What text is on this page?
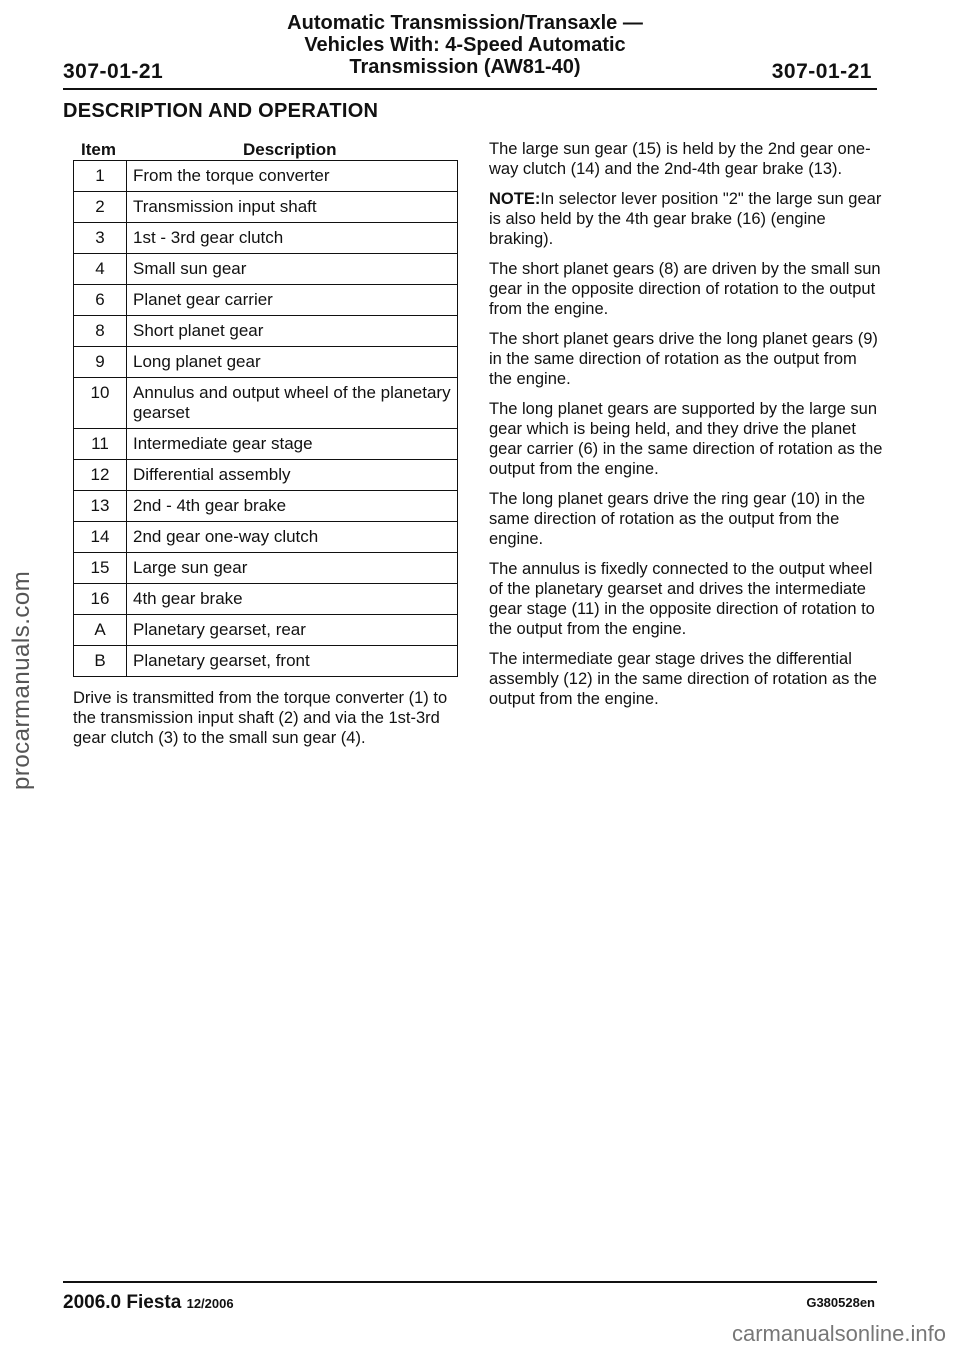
307-01-21
Automatic Transmission/Transaxle —
Vehicles With: 4-Speed Automatic
Transmission (AW81-40)	307-01-21
DESCRIPTION AND OPERATION
Item	Description
1	From the torque converter
2	Transmission input shaft
3	1st - 3rd gear clutch
4	Small sun gear
6	Planet gear carrier
8	Short planet gear
9	Long planet gear
10	Annulus and output wheel of the planetary gearset
11	Intermediate gear stage
12	Differential assembly
13	2nd - 4th gear brake
14	2nd gear one-way clutch
15	Large sun gear
16	4th gear brake
A	Planetary gearset, rear
B	Planetary gearset, front
Drive is transmitted from the torque converter (1) to the transmission input shaft (2) and via the 1st-3rd gear clutch (3) to the small sun gear (4).

The large sun gear (15) is held by the 2nd gear one-way clutch (14) and the 2nd-4th gear brake (13).

NOTE:In selector lever position "2" the large sun gear is also held by the 4th gear brake (16) (engine braking).

The short planet gears (8) are driven by the small sun gear in the opposite direction of rotation to the output from the engine.

The short planet gears drive the long planet gears (9) in the same direction of rotation as the output from the engine.

The long planet gears are supported by the large sun gear which is being held, and they drive the planet gear carrier (6) in the same direction of rotation as the output from the engine.

The long planet gears drive the ring gear (10) in the same direction of rotation as the output from the engine.

The annulus is fixedly connected to the output wheel of the planetary gearset and drives the intermediate gear stage (11) in the opposite direction of rotation to the output from the engine.

The intermediate gear stage drives the differential assembly (12) in the same direction of rotation as the output from the engine.

procarmanuals.com
2006.0 Fiesta 12/2006	G380528en
carmanualsonline.info
